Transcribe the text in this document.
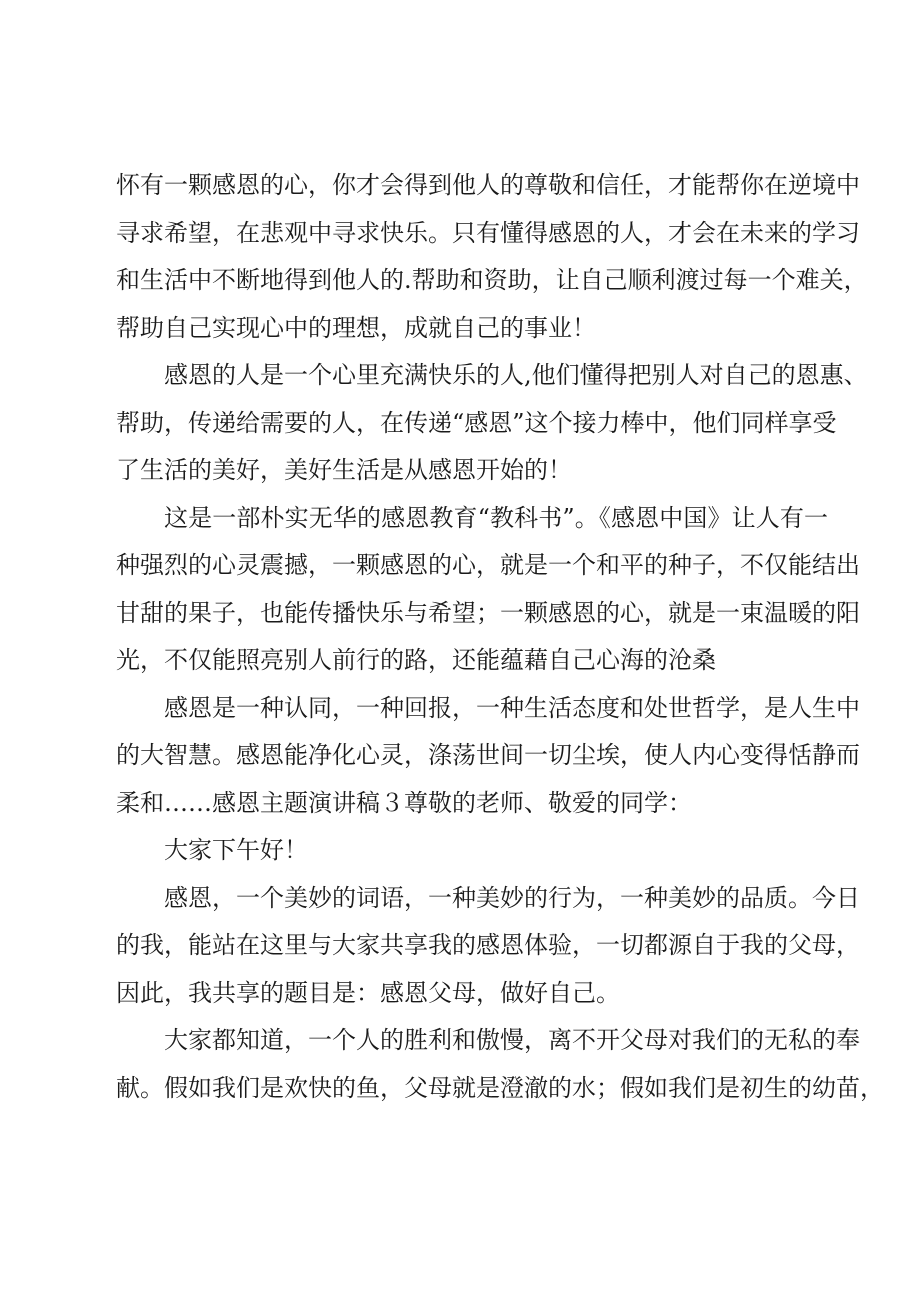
怀有一颗感恩的心，你才会得到他人的尊敬和信任，才能帮你在逆境中
寻求希望，在悲观中寻求快乐。只有懂得感恩的人，才会在未来的学习
和生活中不断地得到他人的.帮助和资助，让自己顺利渡过每一个难关，
帮助自己实现心中的理想，成就自己的事业！
感恩的人是一个心里充满快乐的人,他们懂得把别人对自己的恩惠、
帮助，传递给需要的人，在传递“感恩”这个接力棒中，他们同样享受
了生活的美好，美好生活是从感恩开始的！
这是一部朴实无华的感恩教育“教科书”。《感恩中国》让人有一
种强烈的心灵震撼，一颗感恩的心，就是一个和平的种子，不仅能结出
甘甜的果子，也能传播快乐与希望；一颗感恩的心，就是一束温暖的阳
光，不仅能照亮别人前行的路，还能蕴藉自己心海的沧桑
感恩是一种认同，一种回报，一种生活态度和处世哲学，是人生中
的大智慧。感恩能净化心灵，涤荡世间一切尘埃，使人内心变得恬静而
柔和……感恩主题演讲稿３尊敬的老师、敬爱的同学：
大家下午好！
感恩，一个美妙的词语，一种美妙的行为，一种美妙的品质。今日
的我，能站在这里与大家共享我的感恩体验，一切都源自于我的父母，
因此，我共享的题目是：感恩父母，做好自己。
大家都知道，一个人的胜利和傲慢，离不开父母对我们的无私的奉
献。假如我们是欢快的鱼，父母就是澄澈的水；假如我们是初生的幼苗，
